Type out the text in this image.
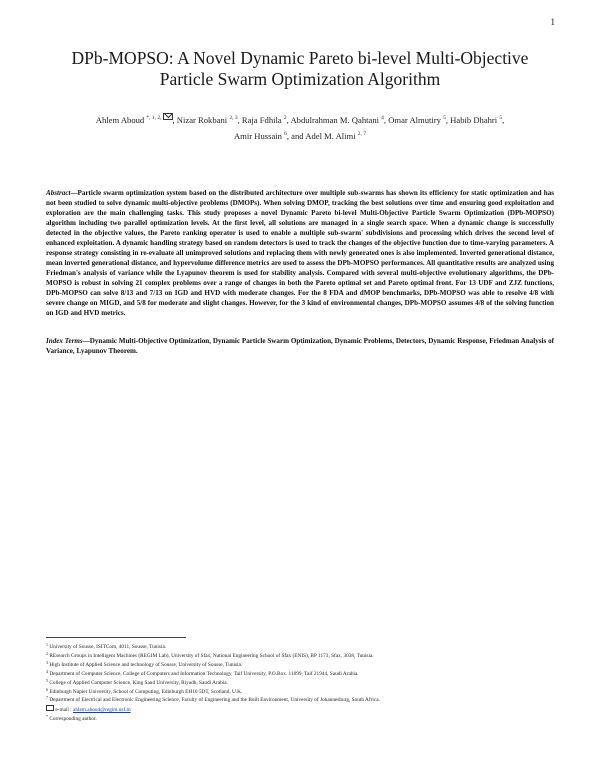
1
DPb-MOPSO: A Novel Dynamic Pareto bi-level Multi-Objective
Particle Swarm Optimization Algorithm
Ahlem Aboud $^{*, 1, 2,}$ , Nizar Rokbani $^{2, 3}$, Raja Fdhila $^2$, Abdulrahman M. Qahtani $^4$, Omar Almutiry $^5$, Habib Dhahri $^5$,
Amir Hussain $^6$, and Adel M. Alimi $^{2, 7}$

Abstract—Particle swarm optimization system based on the distributed architecture over multiple sub-swarms has shown its efficiency for static optimization and has not been studied to solve dynamic multi-objective problems (DMOPs). When solving DMOP, tracking the best solutions over time and ensuring good exploitation and exploration are the main challenging tasks. This study proposes a novel Dynamic Pareto bi-level Multi-Objective Particle Swarm Optimization (DPb-MOPSO) algorithm including two parallel optimization levels. At the first level, all solutions are managed in a single search space. When a dynamic change is successfully detected in the objective values, the Pareto ranking operator is used to enable a multiple sub-swarm' subdivisions and processing which drives the second level of enhanced exploitation. A dynamic handling strategy based on random detectors is used to track the changes of the objective function due to time-varying parameters. A response strategy consisting in re-evaluate all unimproved solutions and replacing them with newly generated ones is also implemented. Inverted generational distance, mean inverted generational distance, and hypervolume difference metrics are used to assess the DPb-MOPSO performances. All quantitative results are analyzed using Friedman's analysis of variance while the Lyapunov theorem is used for stability analysis. Compared with several multi-objective evolutionary algorithms, the DPb-MOPSO is robust in solving 21 complex problems over a range of changes in both the Pareto optimal set and Pareto optimal front. For 13 UDF and ZJZ functions, DPb-MOPSO can solve 8/13 and 7/13 on IGD and HVD with moderate changes. For the 8 FDA and dMOP benchmarks, DPb-MOPSO was able to resolve 4/8 with severe change on MIGD, and 5/8 for moderate and slight changes. However, for the 3 kind of environmental changes, DPb-MOPSO assumes 4/8 of the solving function on IGD and HVD metrics.

Index Terms—Dynamic Multi-Objective Optimization, Dynamic Particle Swarm Optimization, Dynamic Problems, Detectors, Dynamic Response, Friedman Analysis of Variance, Lyapunov Theorem.

$^1$ University of Sousse, ISITCom, 4011, Sousse, Tunisia.
$^2$ REsearch Groups in Intelligent Machines (REGIM Lab), University of Sfax, National Engineering School of Sfax (ENIS), BP 1173, Sfax, 3038, Tunisia.
$^3$ High Institute of Applied Science and technology of Sousse, University of Sousse, Tunisia.
$^4$ Department of Computer Science, College of Computers and Information Technology, Taif University, P.O.Box. 11099, Taif 21944, Saudi Arabia.
$^5$ College of Applied Computer Science, King Saud University, Riyadh, Saudi Arabia.
$^6$ Edinburgh Napier University, School of Computing, Edinburgh EH10 5DT, Scotland, U.K.
$^7$ Department of Electrical and Electronic Engineering Science, Faculty of Engineering and the Built Environment, University of Johannesburg, South Africa.
e-mail : ahlem.aboud@regim.usf.tn
* Corresponding author.
